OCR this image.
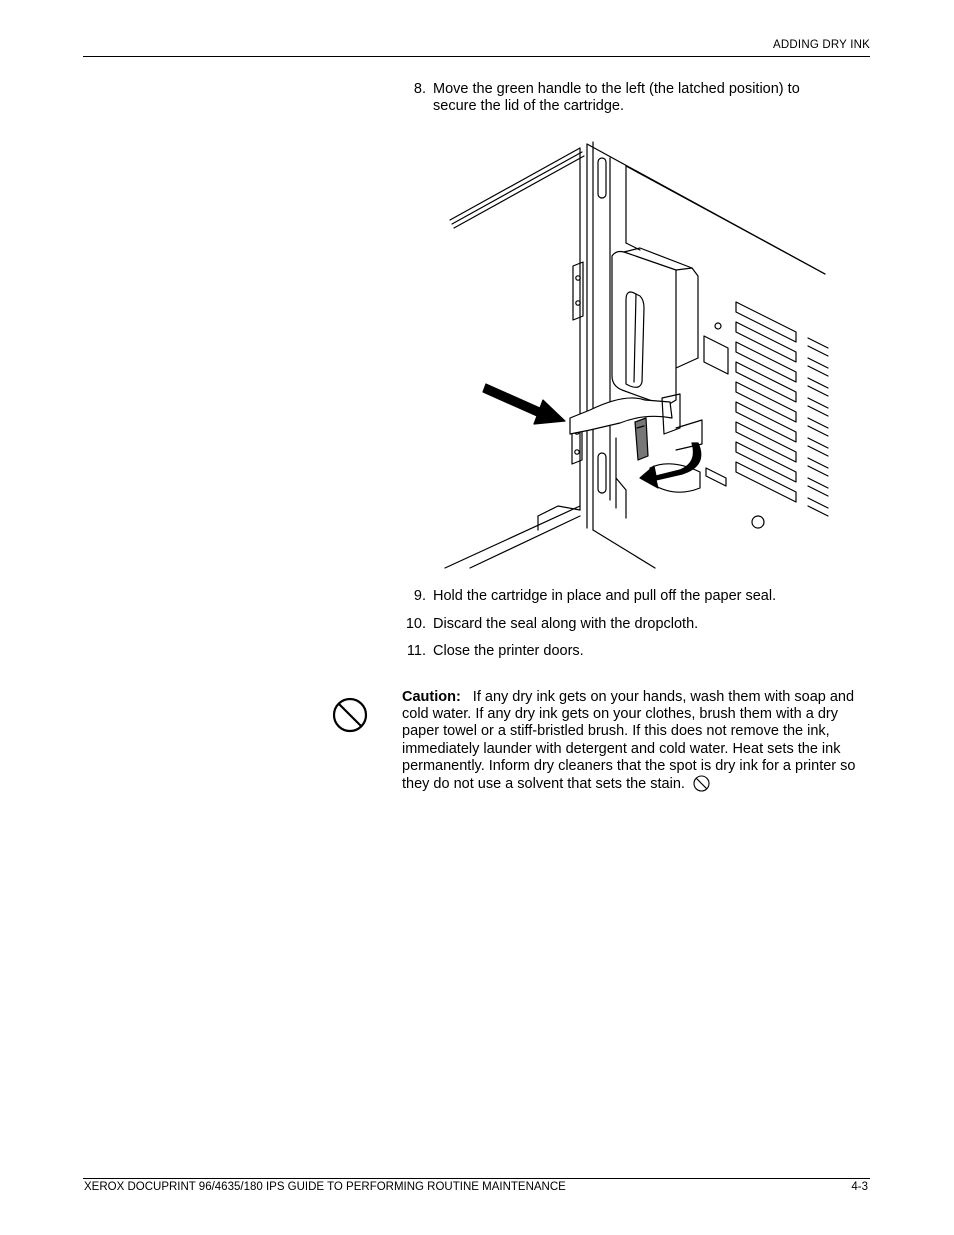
ADDING DRY INK
8. Move the green handle to the left (the latched position) to secure the lid of the cartridge.
9. Hold the cartridge in place and pull off the paper seal.
10. Discard the seal along with the dropcloth.
11. Close the printer doors.
Caution: If any dry ink gets on your hands, wash them with soap and cold water. If any dry ink gets on your clothes, brush them with a dry paper towel or a stiff-bristled brush. If this does not remove the ink, immediately launder with detergent and cold water. Heat sets the ink permanently. Inform dry cleaners that the spot is dry ink for a printer so they do not use a solvent that sets the stain.
XEROX DOCUPRINT 96/4635/180 IPS GUIDE TO PERFORMING ROUTINE MAINTENANCE	4-3
